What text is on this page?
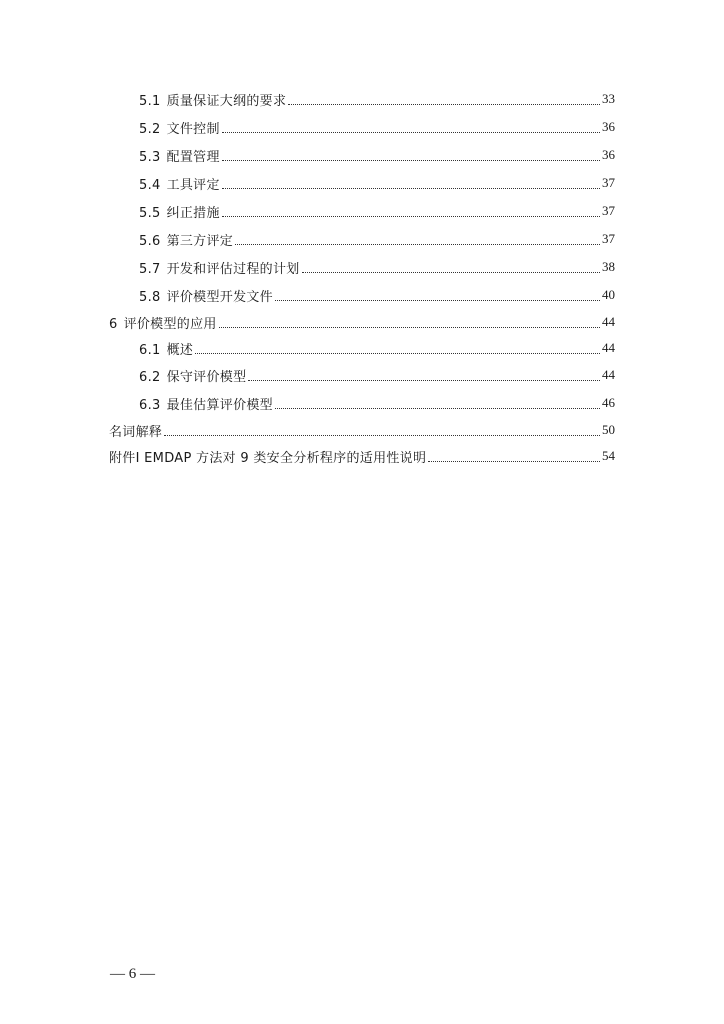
5.1 质量保证大纲的要求	33
5.2 文件控制	36
5.3 配置管理	36
5.4 工具评定	37
5.5 纠正措施	37
5.6 第三方评定	37
5.7 开发和评估过程的计划	38
5.8 评价模型开发文件	40
6 评价模型的应用	44
6.1 概述	44
6.2 保守评价模型	44
6.3 最佳估算评价模型	46
名词解释	50
附件Ⅰ EMDAP 方法对 9 类安全分析程序的适用性说明	54
— 6 —
